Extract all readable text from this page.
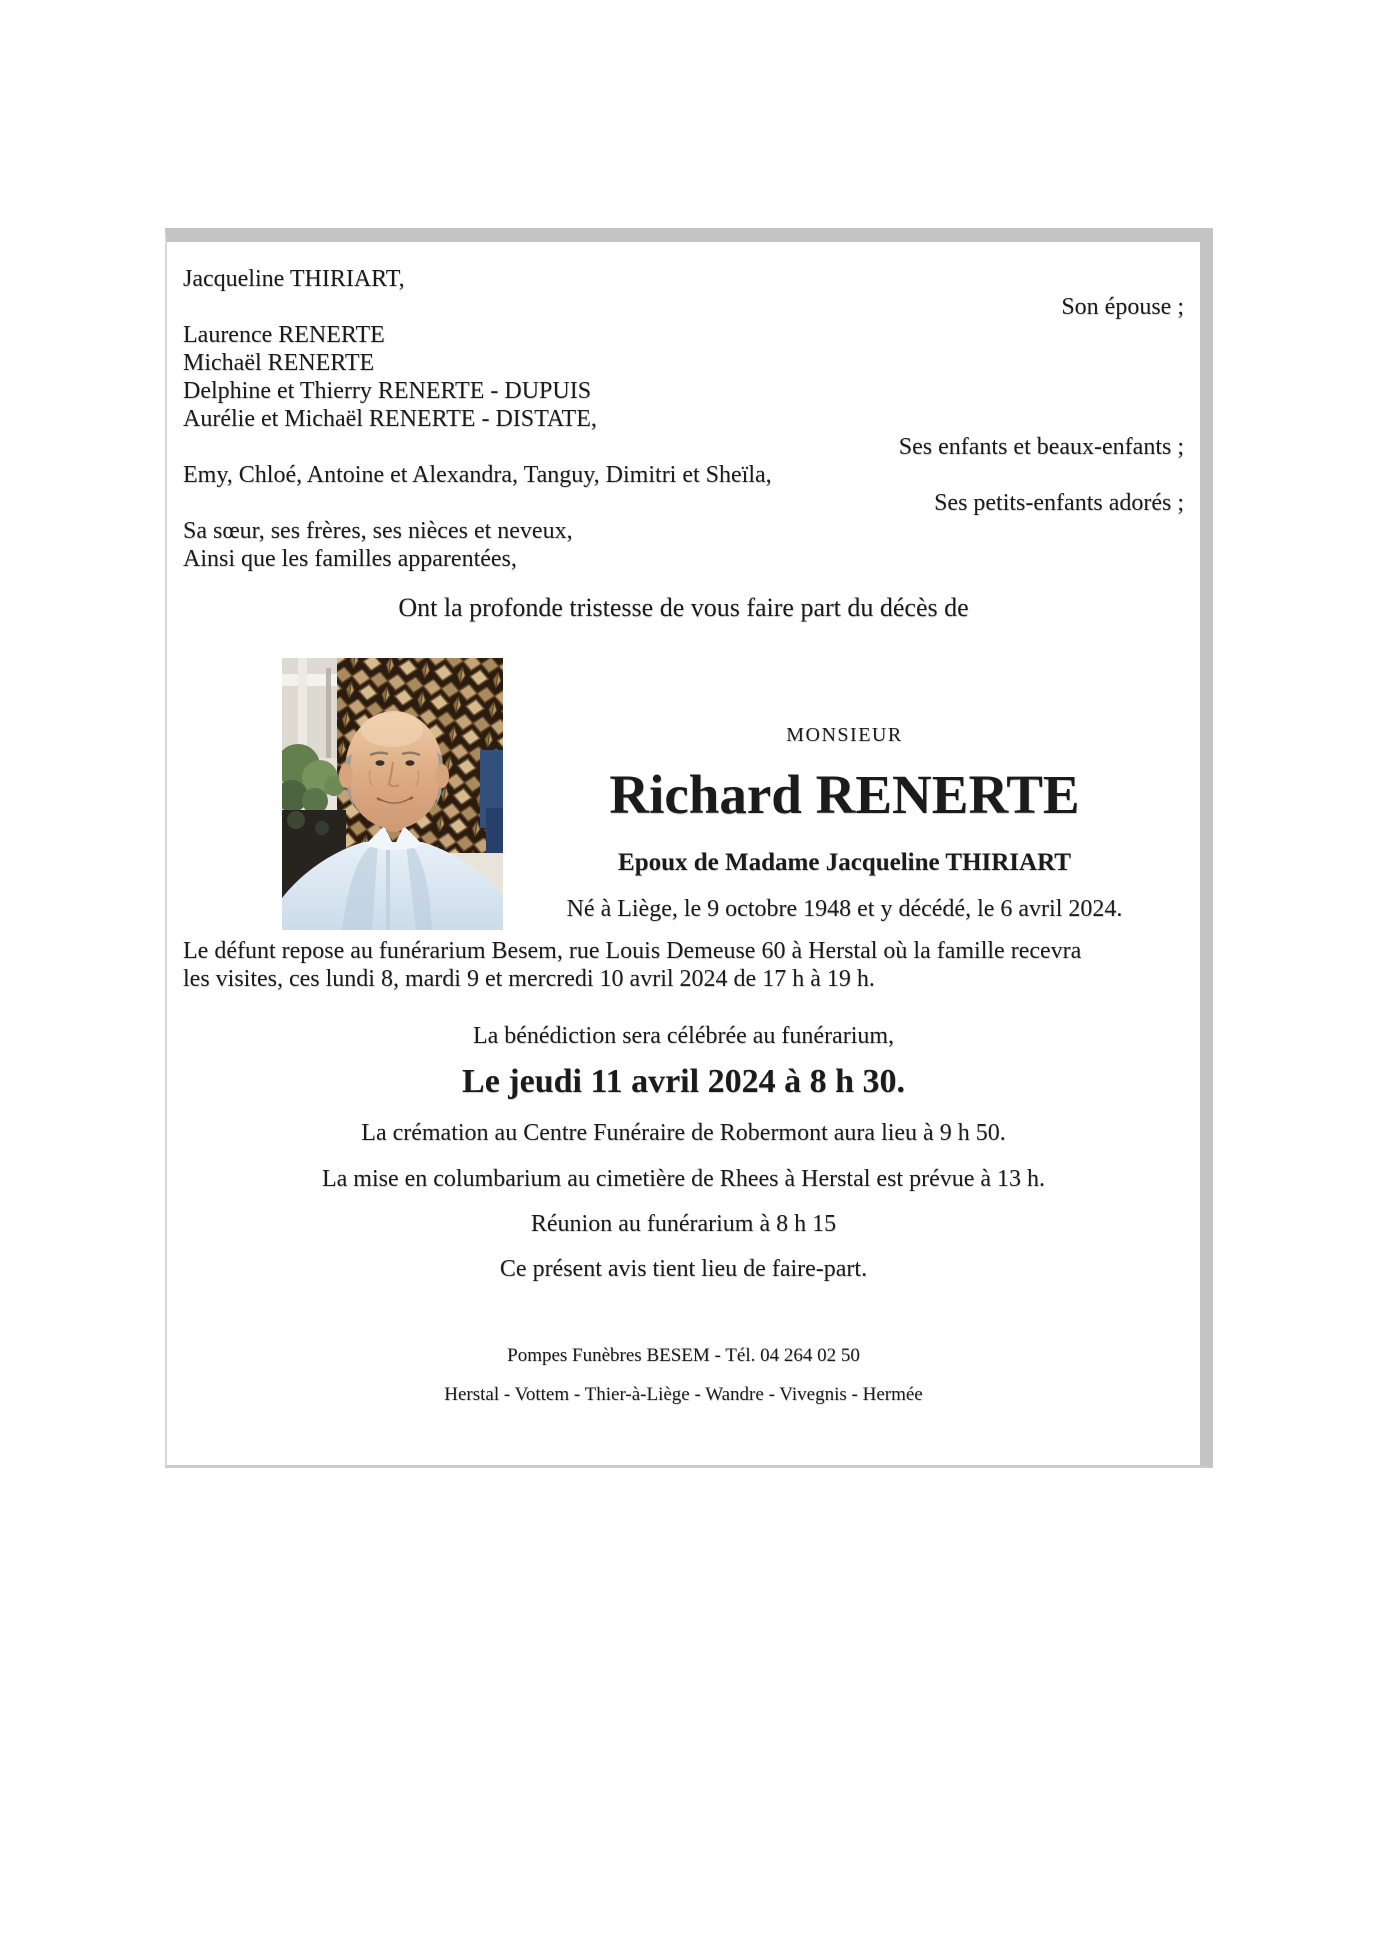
Jacqueline THIRIART,
Son épouse ;
Laurence RENERTE
Michaël RENERTE
Delphine et Thierry RENERTE - DUPUIS
Aurélie et Michaël RENERTE - DISTATE,
Ses enfants et beaux-enfants ;
Emy, Chloé, Antoine et Alexandra, Tanguy, Dimitri et Sheïla,
Ses petits-enfants adorés ;
Sa sœur, ses frères, ses nièces et neveux,
Ainsi que les familles apparentées,
Ont la profonde tristesse de vous faire part du décès de
MONSIEUR
Richard RENERTE
Epoux de Madame Jacqueline THIRIART
Né à Liège, le 9 octobre 1948 et y décédé, le 6 avril 2024.
Le défunt repose au funérarium Besem, rue Louis Demeuse 60 à Herstal où la famille recevra
les visites, ces lundi 8, mardi 9 et mercredi 10 avril 2024 de 17 h à 19 h.
La bénédiction sera célébrée au funérarium,
Le jeudi 11 avril 2024 à 8 h 30.
La crémation au Centre Funéraire de Robermont aura lieu à 9 h 50.
La mise en columbarium au cimetière de Rhees à Herstal est prévue à 13 h.
Réunion au funérarium à 8 h 15
Ce présent avis tient lieu de faire-part.
Pompes Funèbres BESEM - Tél. 04 264 02 50
Herstal - Vottem - Thier-à-Liège - Wandre - Vivegnis - Hermée
